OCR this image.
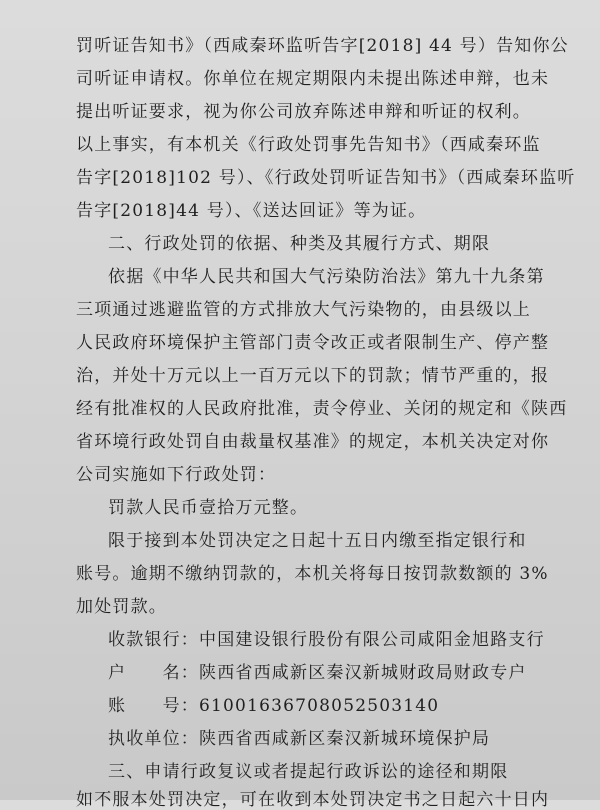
罚听证告知书》（西咸秦环监听告字[2018] 44 号）告知你公
司听证申请权。你单位在规定期限内未提出陈述申辩，也未
提出听证要求，视为你公司放弃陈述申辩和听证的权利。
以上事实，有本机关《行政处罚事先告知书》（西咸秦环监
告字[2018]102 号）、《行政处罚听证告知书》（西咸秦环监听
告字[2018]44 号）、《送达回证》等为证。
二、行政处罚的依据、种类及其履行方式、期限
依据《中华人民共和国大气污染防治法》第九十九条第
三项通过逃避监管的方式排放大气污染物的，由县级以上
人民政府环境保护主管部门责令改正或者限制生产、停产整
治，并处十万元以上一百万元以下的罚款；情节严重的，报
经有批准权的人民政府批准，责令停业、关闭的规定和《陕西
省环境行政处罚自由裁量权基准》的规定，本机关决定对你
公司实施如下行政处罚：
罚款人民币壹拾万元整。
限于接到本处罚决定之日起十五日内缴至指定银行和
账号。逾期不缴纳罚款的，本机关将每日按罚款数额的 3%
加处罚款。
收款银行：中国建设银行股份有限公司咸阳金旭路支行
户　　名：陕西省西咸新区秦汉新城财政局财政专户
账　　号：61001636708052503140
执收单位：陕西省西咸新区秦汉新城环境保护局
三、申请行政复议或者提起行政诉讼的途径和期限
如不服本处罚决定，可在收到本处罚决定书之日起六十日内
